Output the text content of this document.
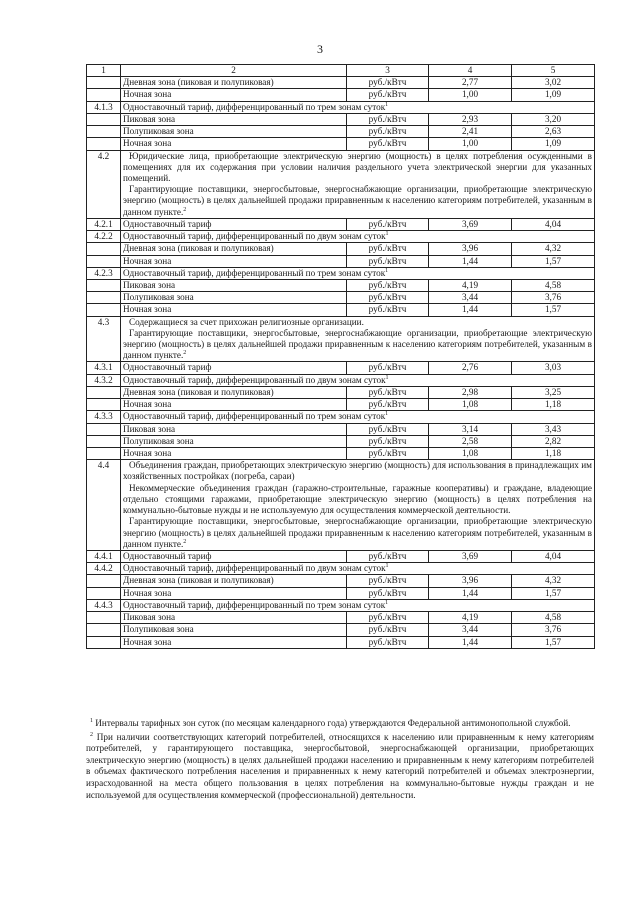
3
1	2	3	4	5
	Дневная зона (пиковая и полупиковая)	руб./кВтч	2,77	3,02
	Ночная зона	руб./кВтч	1,00	1,09
4.1.3	Одноставочный тариф, дифференцированный по трем зонам суток$^1$
	Пиковая зона	руб./кВтч	2,93	3,20
	Полупиковая зона	руб./кВтч	2,41	2,63
	Ночная зона	руб./кВтч	1,00	1,09
4.2	Юридические лица, приобретающие электрическую энергию (мощность) в целях потребления осужденными в помещениях для их содержания при условии наличия раздельного учета электрической энергии для указанных помещений.
Гарантирующие поставщики, энергосбытовые, энергоснабжающие организации, приобретающие электрическую энергию (мощность) в целях дальнейшей продажи приравненным к населению категориям потребителей, указанным в данном пункте.$^2$

4.2.1	Одноставочный тариф	руб./кВтч	3,69	4,04
4.2.2	Одноставочный тариф, дифференцированный по двум зонам суток$^1$
	Дневная зона (пиковая и полупиковая)	руб./кВтч	3,96	4,32
	Ночная зона	руб./кВтч	1,44	1,57
4.2.3	Одноставочный тариф, дифференцированный по трем зонам суток$^1$
	Пиковая зона	руб./кВтч	4,19	4,58
	Полупиковая зона	руб./кВтч	3,44	3,76
	Ночная зона	руб./кВтч	1,44	1,57
4.3	Содержащиеся за счет прихожан религиозные организации.
Гарантирующие поставщики, энергосбытовые, энергоснабжающие организации, приобретающие электрическую энергию (мощность) в целях дальнейшей продажи приравненным к населению категориям потребителей, указанным в данном пункте.$^2$

4.3.1	Одноставочный тариф	руб./кВтч	2,76	3,03
4.3.2	Одноставочный тариф, дифференцированный по двум зонам суток$^1$
	Дневная зона (пиковая и полупиковая)	руб./кВтч	2,98	3,25
	Ночная зона	руб./кВтч	1,08	1,18
4.3.3	Одноставочный тариф, дифференцированный по трем зонам суток$^1$
	Пиковая зона	руб./кВтч	3,14	3,43
	Полупиковая зона	руб./кВтч	2,58	2,82
	Ночная зона	руб./кВтч	1,08	1,18
4.4	Объединения граждан, приобретающих электрическую энергию (мощность) для использования в принадлежащих им хозяйственных постройках (погреба, сараи)
Некоммерческие объединения граждан (гаражно-строительные, гаражные кооперативы) и граждане, владеющие отдельно стоящими гаражами, приобретающие электрическую энергию (мощность) в целях потребления на коммунально-бытовые нужды и не используемую для осуществления коммерческой деятельности.
Гарантирующие поставщики, энергосбытовые, энергоснабжающие организации, приобретающие электрическую энергию (мощность) в целях дальнейшей продажи приравненным к населению категориям потребителей, указанным в данном пункте.$^2$

4.4.1	Одноставочный тариф	руб./кВтч	3,69	4,04
4.4.2	Одноставочный тариф, дифференцированный по двум зонам суток$^1$
	Дневная зона (пиковая и полупиковая)	руб./кВтч	3,96	4,32
	Ночная зона	руб./кВтч	1,44	1,57
4.4.3	Одноставочный тариф, дифференцированный по трем зонам суток$^1$
	Пиковая зона	руб./кВтч	4,19	4,58
	Полупиковая зона	руб./кВтч	3,44	3,76
	Ночная зона	руб./кВтч	1,44	1,57

$^1$ Интервалы тарифных зон суток (по месяцам календарного года) утверждаются Федеральной антимонопольной службой.

$^2$ При наличии соответствующих категорий потребителей, относящихся к населению или приравненным к нему категориям потребителей, у гарантирующего поставщика, энергосбытовой, энергоснабжающей организации, приобретающих электрическую энергию (мощность) в целях дальнейшей продажи населению и приравненным к нему категориям потребителей в объемах фактического потребления населения и приравненных к нему категорий потребителей и объемах электроэнергии, израсходованной на места общего пользования в целях потребления на коммунально-бытовые нужды граждан и не используемой для осуществления коммерческой (профессиональной) деятельности.
